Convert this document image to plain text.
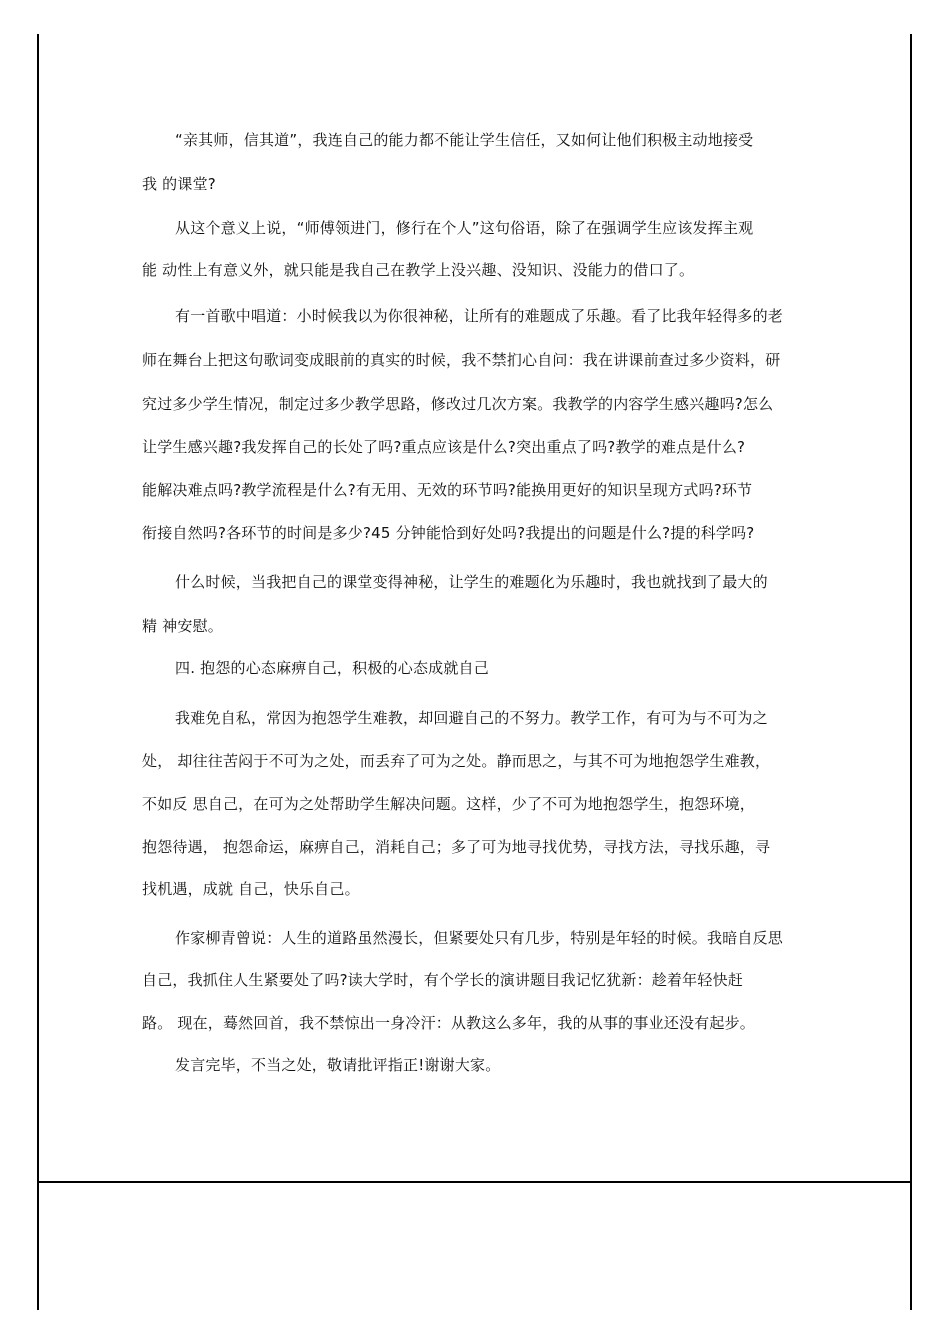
“亲其师，信其道”，我连自己的能力都不能让学生信任，又如何让他们积极主动地接受
我 的课堂?
从这个意义上说，“师傅领进门，修行在个人”这句俗语，除了在强调学生应该发挥主观
能 动性上有意义外，就只能是我自己在教学上没兴趣、没知识、没能力的借口了。
有一首歌中唱道：小时候我以为你很神秘，让所有的难题成了乐趣。看了比我年轻得多的老
师在舞台上把这句歌词变成眼前的真实的时候，我不禁扪心自问：我在讲课前查过多少资料，研
究过多少学生情况，制定过多少教学思路，修改过几次方案。我教学的内容学生感兴趣吗?怎么
让学生感兴趣?我发挥自己的长处了吗?重点应该是什么?突出重点了吗?教学的难点是什么?
能解决难点吗?教学流程是什么?有无用、无效的环节吗?能换用更好的知识呈现方式吗?环节
衔接自然吗?各环节的时间是多少?45 分钟能恰到好处吗?我提出的问题是什么?提的科学吗?
什么时候，当我把自己的课堂变得神秘，让学生的难题化为乐趣时，我也就找到了最大的
精 神安慰。
四. 抱怨的心态麻痹自己，积极的心态成就自己
我难免自私，常因为抱怨学生难教，却回避自己的不努力。教学工作，有可为与不可为之
处， 却往往苦闷于不可为之处，而丢弃了可为之处。静而思之，与其不可为地抱怨学生难教，
不如反 思自己，在可为之处帮助学生解决问题。这样，少了不可为地抱怨学生，抱怨环境，
抱怨待遇， 抱怨命运，麻痹自己，消耗自己；多了可为地寻找优势，寻找方法，寻找乐趣，寻
找机遇，成就 自己，快乐自己。
作家柳青曾说：人生的道路虽然漫长，但紧要处只有几步，特别是年轻的时候。我暗自反思
自己，我抓住人生紧要处了吗?读大学时，有个学长的演讲题目我记忆犹新：趁着年轻快赶
路。 现在，蓦然回首，我不禁惊出一身冷汗：从教这么多年，我的从事的事业还没有起步。
发言完毕，不当之处，敬请批评指正!谢谢大家。
